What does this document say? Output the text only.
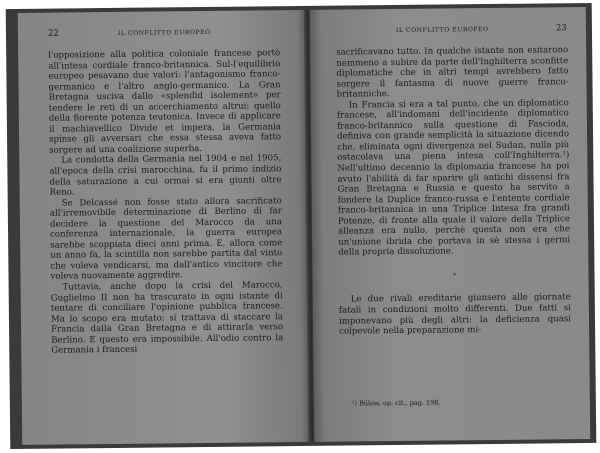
22	IL CONFLITTO EUROPEO

l'opposizione alla politica coloniale francese portò all'intesa cordiale franco-britannica. Sul-l'equilibrio europeo pesavano due valori: l'antagonismo franco-germanico e l'altro anglo-germanico. La Gran Bretagna usciva dallo «splendid isolement» per tendere le reti di un accerchiamento altrui: quello della fiorente potenza teutonica. Invece di applicare il machiavellico Divide et impera, la Germania spinse gli avversari che essa stessa aveva fatto sorgere ad una coalizione superba.

La condotta della Germania nel 1904 e nel 1905, all'epoca della crisi marocchina, fu il primo indizio della saturazione a cui ormai si era giunti oltre Reno.

Se Delcassé non fosse stato allora sacrificato all'irremovibile determinazione di Berlino di far decidere la questione del Marocco da una conferenza internazionale, la guerra europea sarebbe scoppiata dieci anni prima. E, allora come un anno fa, la scintilla non sarebbe partita dal vinto che voleva vendicarsi, ma dall'antico vincitore che voleva nuovamente aggredire.

Tuttavia, anche dopo la crisi del Marocco, Guglielmo II non ha trascurato in ogni istante di tentare di conciliare l'opinione pubblica francese. Ma lo scopo era mutato: si trattava di staccare la Francia dalla Gran Bretagna e di attirarla verso Berlino. E questo era impossibile. All'odio contro la Germania i francesi

IL CONFLITTO EUROPEO	23

sacrificavano tutto. In qualche istante non esitarono nemmeno a subire da parte dell'Inghilterra sconfitte diplomatiche che in altri tempi avrebbero fatto sorgere il fantasma di nuove guerre franco-britanniche.

In Francia si era a tal punto, che un diplomatico francese, all'indomani dell'incidente diplomatico franco-britannico sulla questione di Fascioda, definiva con grande semplicità la situazione dicendo che, eliminata ogni divergenza nel Sudan, nulla più ostacolava una piena intesa coll'Inghilterra.¹) Nell'ultimo decennio la diplomazia francese ha poi avuto l'abilità di far sparire gli antichi dissensi fra Gran Bretagna e Russia e questo ha servito a fondere la Duplice franco-russa e l'entente cordiale franco-britannica in una Triplice Intesa fra grandi Potenze, di fronte alla quale il valore della Triplice alleanza era nullo, perchè questa non era che un'unione ibrida che portava in sè stessa i germi della propria dissoluzione.

*

Le due rivali ereditarie giunsero alle giornate fatali in condizioni molto differenti. Due fatti si imponevano più degli altri: la deficienza quasi colpevole nella preparazione mi-

¹) Bülow, op. cit., pag. 198.
